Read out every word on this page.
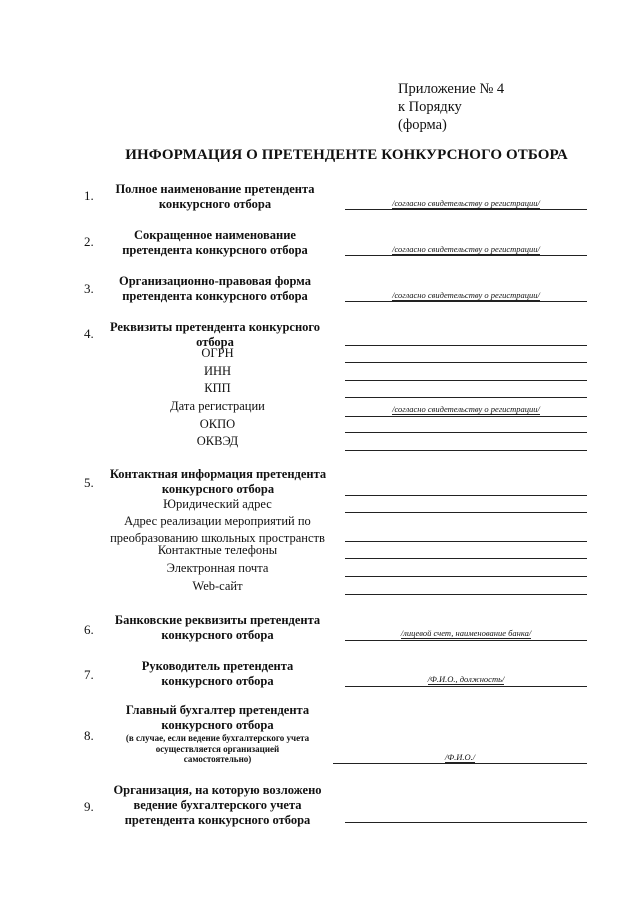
Приложение № 4
к Порядку
(форма)
ИНФОРМАЦИЯ О ПРЕТЕНДЕНТЕ КОНКУРСНОГО ОТБОРА
1.	Полное наименование претендента
конкурсного отбора	/согласно свидетельству о регистрации/
2.	Сокращенное наименование
претендента конкурсного отбора	/согласно свидетельству о регистрации/
3.	Организационно-правовая форма
претендента конкурсного отбора	/согласно свидетельству о регистрации/
4.	Реквизиты претендента конкурсного
отбора
ОГРН
ИНН
КПП
Дата регистрации	/согласно свидетельству о регистрации/
ОКПО
ОКВЭД
5.
Контактная информация претендента
конкурсного отбора
Юридический адрес
Адрес реализации мероприятий по
преобразованию школьных пространств
Контактные телефоны
Электронная почта
Web-сайт
6.
Банковские реквизиты претендента
конкурсного отбора	/лицевой счет, наименование банка/
7.
Руководитель претендента
конкурсного отбора	/Ф.И.О., должность/
8.
Главный бухгалтер претендента
конкурсного отбора
(в случае, если ведение бухгалтерского учета
осуществляется организацией
самостоятельно)	/Ф.И.О./
9.
Организация, на которую возложено
ведение бухгалтерского учета
претендента конкурсного отбора
